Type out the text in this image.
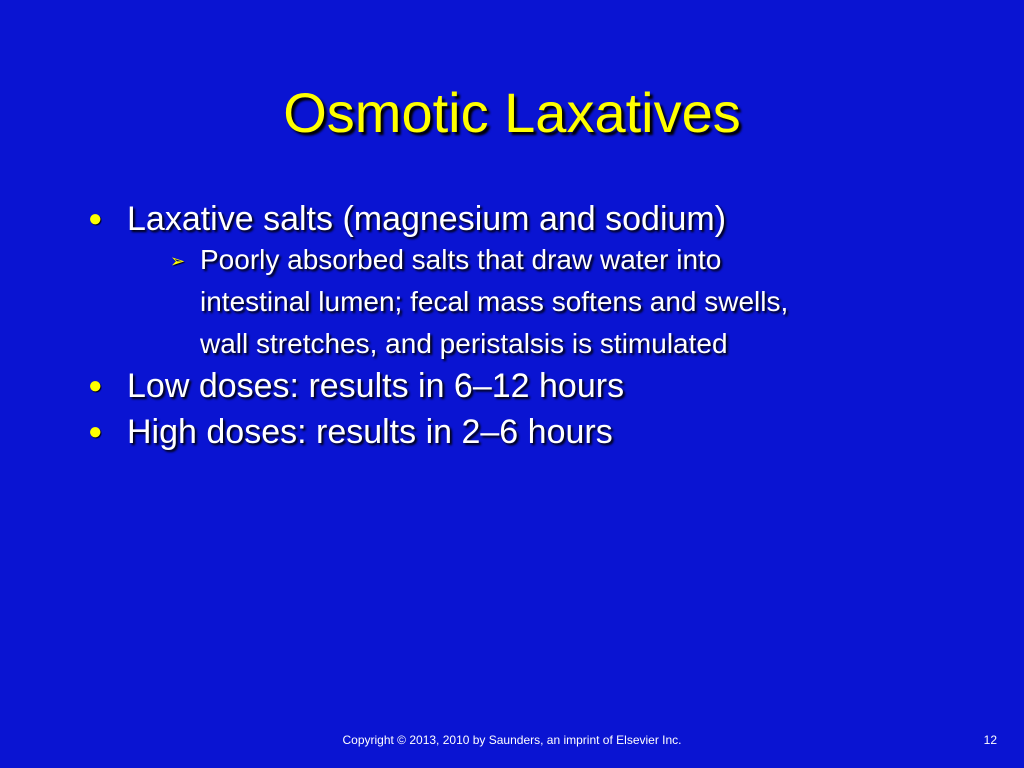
Osmotic Laxatives
● Laxative salts (magnesium and sodium)
➢ Poorly absorbed salts that draw water into
intestinal lumen; fecal mass softens and swells,
wall stretches, and peristalsis is stimulated
● Low doses: results in 6–12 hours
● High doses: results in 2–6 hours
Copyright © 2013, 2010 by Saunders, an imprint of Elsevier Inc.	12
